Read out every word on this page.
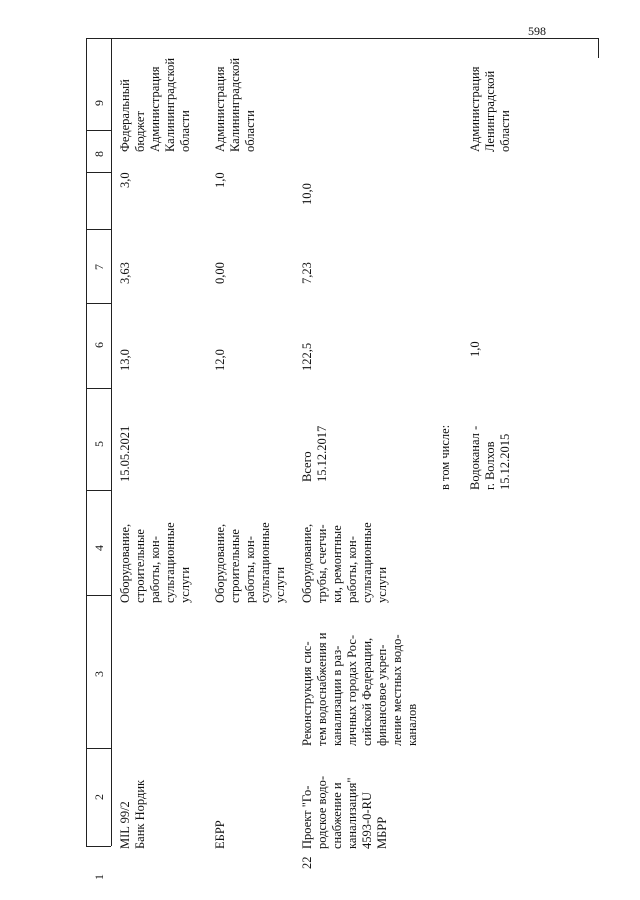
598
9
8
7
6
5
4
3
2
1
MIL 99/2 Банк Нордик
Оборудование, строительные работы, кон- сультационные услуги
15.05.2021
13,0
3,63
3,0
Федеральный бюджет Администрация Калининградской области
ЕБРР
Оборудование, строительные работы, кон- сультационные услуги
12,0
0,00
1,0
Администрация Калининградской области
22
Проект "Го- родское водо- снабжение и канализация" 4593-0-RU МБРР
Реконструкция сис- тем водоснабжения и канализации в раз- личных городах Рос- сийской Федерации, финансовое укреп- ление местных водо- каналов
Оборудование, трубы, счетчи- ки, ремонтные работы, кон- сультационные услуги
Всего 15.12.2017
122,5
7,23
10,0
в том числе: Водоканал - г. Волхов 15.12.2015
1,0
Администрация Ленинградской области
